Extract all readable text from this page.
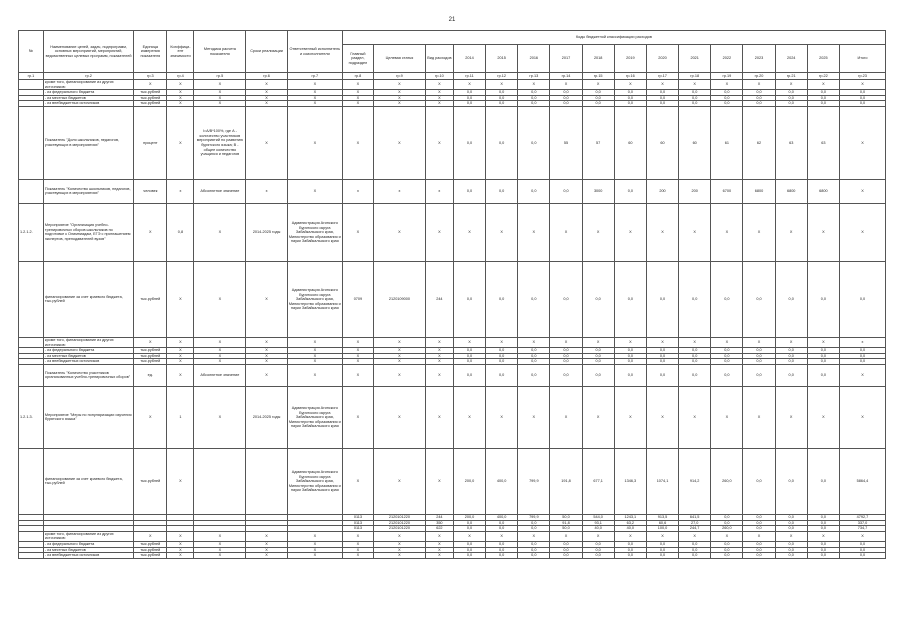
21
№	Наименование целей, задач, подпрограмм, основных мероприятий, мероприятий, ведомственных целевых программ, показателей	Единица измерения показателя	Коэффици-ент значимости	Методика расчета показателя	Сроки реализации	Ответственный исполнитель и соисполнители	Коды бюджетной классификации расходов															
							Главный раздел, подраздел	Целевая статья	Вид расходов	2014	2015	2016	2017	2018	2019	2020	2021	2022	2023	2024	2025	Итого

гр.1	гр.2	гр.3	гр.4	гр.5	гр.6	гр.7	гр.8	гр.9	гр.10	гр.11	гр.12	гр.13	гр.14	гр.15	гр.16	гр.17	гр.18	гр.19	гр.20	гр.21	гр.22	гр.23
	кроме того, финансирование из других источников:	Х	Х	Х	Х	Х	Х	Х	Х	Х	Х	Х	Х	Х	Х	Х	Х	Х	Х	Х	Х	Х
	- из федерального бюджета	тыс.рублей	Х	Х	Х	Х	Х	Х	Х	0,0	0,0	0,0	0,0	0,0	0,0	0,0	0,0	0,0	0,0	0,0	0,0	0,0
	- из местных бюджетов	тыс.рублей	Х	Х	Х	Х	Х	Х	Х	0,0	0,0	0,0	0,0	0,0	0,0	0,0	0,0	0,0	0,0	0,0	0,0	0,0
	- из внебюджетных источников	тыс.рублей	Х	Х	Х	Х	Х	Х	Х	0,0	0,0	0,0	0,0	0,0	0,0	0,0	0,0	0,0	0,0	0,0	0,0	0,0
	Показатель "Доля школьников, педагогов, участвующих в мероприятиях"	процент	Х	I=А/В*100%, где А - количество участников мероприятий по развитию бурятского языка; В - общее количество учащихся и педагогов	Х	Х	Х	Х	Х	0,0	0,0	0,0	55	57	60	60	60	61	62	63	63	Х
	Показатель "Количество школьников, педагогов, участвующих в мероприятиях"	человек	х	Абсолютное значение	х	Х	х	х	х	0,0	0,0	0,0	0,0	3000	0,0	200	200	6700	6800	6800	6800	Х
1.2.1.2.	Мероприятие "Организация учебно-тренировочных сборов школьников по подготовке к Олимпиадам, ЕГЭ с приглашением экспертов, преподавателей вузов"	Х	0,8	Х	2014-2025 годы	Администрация Агинского Бурятского округа Забайкальского края, Министерство образования и науки Забайкальского края	Х	Х	Х	Х	Х	Х	Х	Х	Х	Х	Х	Х	Х	Х	Х	Х
	финансирование за счет краевого бюджета, тыс.рублей	тыс.рублей	Х	Х	Х	Администрация Агинского Бурятского округа Забайкальского края, Министерство образования и науки Забайкальского края	0709	2120109000	244	0,0	0,0	0,0	0,0	0,0	0,0	0,0	0,0	0,0	0,0	0,0	0,0	0,0
	кроме того, финансирование из других источников:	Х	Х	Х	Х	Х	Х	Х	Х	Х	Х	Х	Х	Х	Х	Х	Х	Х	Х	Х	Х	х
	- из федерального бюджета	тыс.рублей	Х	Х	Х	Х	Х	Х	Х	0,0	0,0	0,0	0,0	0,0	0,0	0,0	0,0	0,0	0,0	0,0	0,0	0,0
	- из местных бюджетов	тыс.рублей	Х	Х	Х	Х	Х	Х	Х	0,0	0,0	0,0	0,0	0,0	0,0	0,0	0,0	0,0	0,0	0,0	0,0	0,0
	- из внебюджетных источников	тыс.рублей	Х	Х	Х	Х	Х	Х	Х	0,0	0,0	0,0	0,0	0,0	0,0	0,0	0,0	0,0	0,0	0,0	0,0	0,0
	Показатель "Количество участников организованных учебно-тренировочных сборов"	ед.	Х	Абсолютное значение	Х	Х	Х	Х	Х	0,0	0,0	0,0	0,0	0,0	0,0	0,0	0,0	0,0	0,0	0,0	0,0	Х
1.2.1.3.	Мероприятие "Меры по популяризации изучения бурятского языка"	Х	1	Х	2014-2025 годы	Администрация Агинского Бурятского округа Забайкальского края, Министерство образования и науки Забайкальского края	Х	Х	Х	Х	Х	Х	Х	Х	Х	Х	Х	Х	Х	Х	Х	Х
	финансирование за счет краевого бюджета, тыс.рублей	тыс.рублей	Х			Администрация Агинского Бурятского округа Забайкальского края, Министерство образования и науки Забайкальского края	Х	Х	Х	200,0	400,0	799,9	191,8	677,1	1346,3	1074,1	914,2	260,0	0,0	0,0	0,0	5864,4
							0113	2120101220	244	200,0	400,0	799,9	50,0	544,0	1243,1	913,5	641,5	0,0	0,0	0,0	0,0	4792,7
							0113	2120101220	350	0,0	0,0	0,0	91,8	93,1	63,2	60,6	27,0	0,0	0,0	0,0	0,0	337,0
							0113	2120101220	622	0,0	0,0	0,0	50,0	40,0	40,0	100,0	244,7	260,0	0,0	0,0	0,0	734,7
	кроме того, финансирование из других источников:	Х	Х	Х	Х	Х	Х	Х	Х	Х	Х	Х	Х	Х	Х	Х	Х	Х	Х	Х	Х	Х
	- из федерального бюджета	тыс.рублей	Х	Х	Х	Х	Х	Х	Х	0,0	0,0	0,0	0,0	0,0	0,0	0,0	0,0	0,0	0,0	0,0	0,0	0,0
	- из местных бюджетов	тыс.рублей	Х	Х	Х	Х	Х	Х	Х	0,0	0,0	0,0	0,0	0,0	0,0	0,0	0,0	0,0	0,0	0,0	0,0	0,0
	- из внебюджетных источников	тыс.рублей	Х	Х	Х	Х	Х	Х	Х	0,0	0,0	0,0	0,0	0,0	0,0	0,0	0,0	0,0	0,0	0,0	0,0	0,0
